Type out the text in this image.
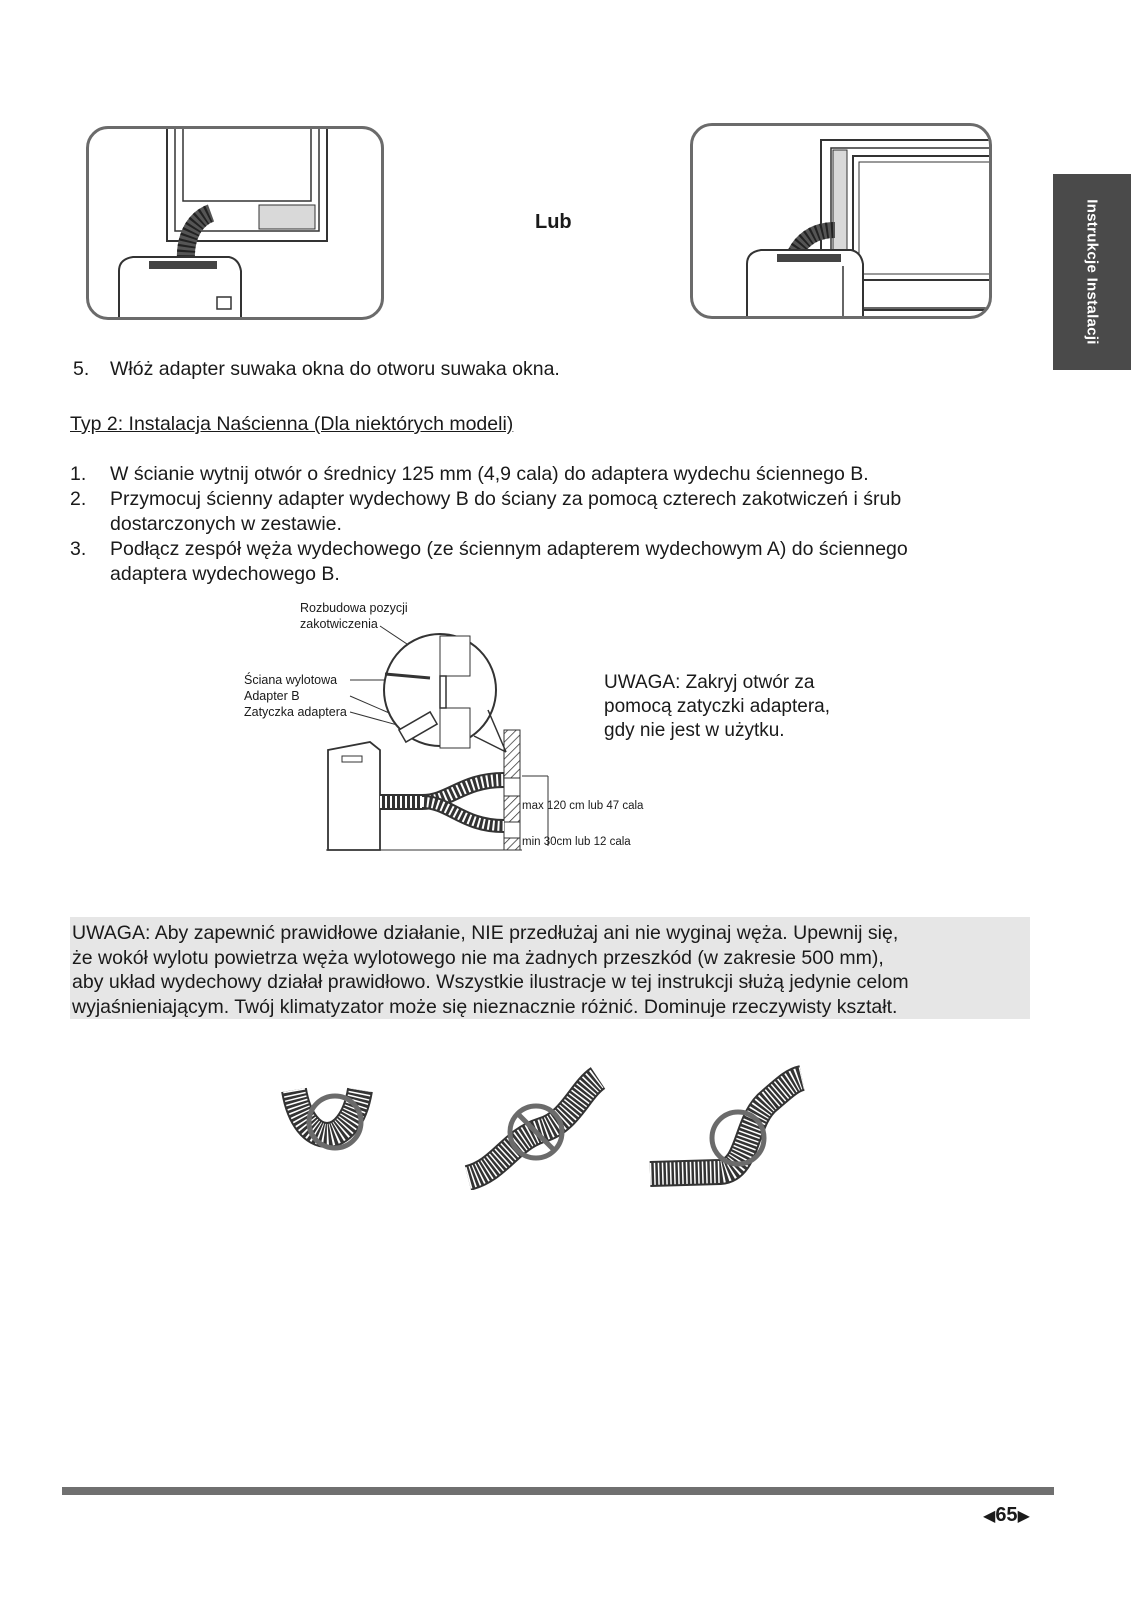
Lub	Instrukcje Instalacji
5. Włóż adapter suwaka okna do otworu suwaka okna.
Typ 2: Instalacja Naścienna (Dla niektórych modeli)
1. W ścianie wytnij otwór o średnicy 125 mm (4,9 cala) do adaptera wydechu ściennego B.
2. Przymocuj ścienny adapter wydechowy B do ściany za pomocą czterech zakotwiczeń i śrub
dostarczonych w zestawie.
3. Podłącz zespół węża wydechowego (ze ściennym adapterem wydechowym A) do ściennego
adaptera wydechowego B.
Rozbudowa pozycji
zakotwiczenia
Ściana wylotowa
Adapter B
Zatyczka adaptera
max 120 cm lub 47 cala
min 30cm lub 12 cala
UWAGA: Zakryj otwór za
pomocą zatyczki adaptera,
gdy nie jest w użytku.
UWAGA: Aby zapewnić prawidłowe działanie, NIE przedłużaj ani nie wyginaj węża. Upewnij się,
że wokół wylotu powietrza węża wylotowego nie ma żadnych przeszkód (w zakresie 500 mm),
aby układ wydechowy działał prawidłowo. Wszystkie ilustracje w tej instrukcji służą jedynie celom
wyjaśnieniającym. Twój klimatyzator może się nieznacznie różnić. Dominuje rzeczywisty kształt.
◀65▶
